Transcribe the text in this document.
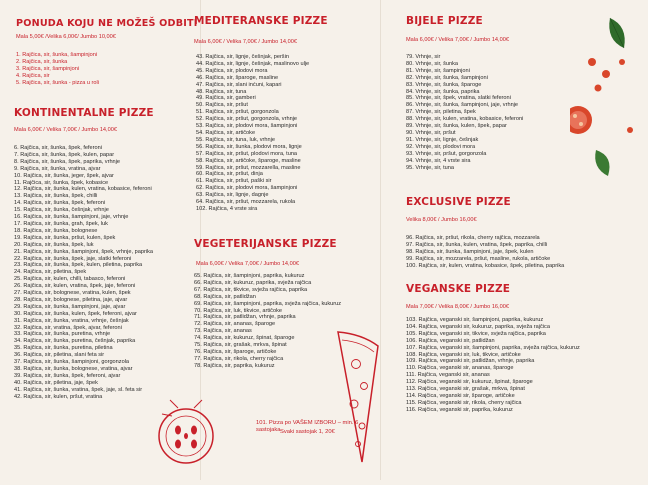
PONUDA KOJU NE MOŽEŠ ODBITI
Mala 5,00€ /Velika 6,00€/ Jumbo 10,00€
1. Rajčica, sir, šunka, šampinjoni
2. Rajčica, sir, šunka
3. Rajčica, sir, šampinjoni
4. Rajčica, sir
5. Rajčica, sir, šunka - pizza u roli
KONTINENTALNE PIZZE
Mala 6,00€ / Velika 7,00€ / Jumbo 14,00€
6. Rajčica, sir, šunka, špek, feferoni
7. Rajčica, sir, šunka, špek, kulen, papar
8. Rajčica, sir, šunka, špek, paprika, vrhnje
9. Rajčica, sir, šunka, vratina, ajvar
10. Rajčica, sir, šunka, jeger, špek, ajvar
11. Rajčica, sir, šunka, špek, kobasice
12. Rajčica, sir, šunka, kulen, vratina, kobasice, feferoni
13. Rajčica, sir, šunka, špek, chilli
14. Rajčica, sir, šunka, špek, feferoni
15. Rajčica, sir, šunka, češnjak, vrhnje
16. Rajčica, sir, šunka, šampinjoni, jaje, vrhnje
17. Rajčica, sir, šunka, grah, špek, luk
18. Rajčica, sir, šunka, bolognese
19. Rajčica, sir, šunka, pršut, kulen, špek
20. Rajčica, sir, šunka, špek, luk
21. Rajčica, sir, šunka, šampinjoni, špek, vrhnje, paprika
22. Rajčica, sir, šunka, špek, jaje, slatki feferoni
23. Rajčica, sir, šunka, špek, kulen, piletina, paprika
24. Rajčica, sir, piletina, špek
25. Rajčica, sir, kulen, chilli, tabasco, feferoni
26. Rajčica, sir, kulen, vratina, špek, jaje, feferoni
27. Rajčica, sir, bolognese, vratina, kulen, špek
28. Rajčica, sir, bolognese, piletina, jaje, ajvar
29. Rajčica, sir, šunka, šampinjoni, jaje, ajvar
30. Rajčica, sir, šunka, kulen, špek, feferoni, ajvar
31. Rajčica, sir, šunka, vratina, vrhnje, češnjak
32. Rajčica, sir, vratina, špek, ajvar, feferoni
33. Rajčica, sir, šunka, puretina, vrhnje
34. Rajčica, sir, šunka, puretina, češnjak, paprika
35. Rajčica, sir, šunka, puretina, piletina
36. Rajčica, sir, piletina, slani feta sir
37. Rajčica, sir, šunka, šampinjoni, gorgonzola
38. Rajčica, sir, šunka, bolognese, vratina, ajvar
39. Rajčica, sir, šunka, špek, feferoni, ajvar
40. Rajčica, sir, piletina, jaje, špek
41. Rajčica, sir, šunka, vratina, špek, jaje, sl. feta sir
42. Rajčica, sir, kulen, pršut, vratina
MEDITERANSKE PIZZE
Mala 6,00€ / Velika 7,00€ / Jumbo 14,00€
43. Rajčica, sir, lignje, češnjak, peršin
44. Rajčica, sir, lignje, češnjak, maslinovo ulje
45. Rajčica, sir, plodovi mora
46. Rajčica, sir, šparoge, masline
47. Rajčica, sir, slani inćuni, kapari
48. Rajčica, sir, tuna
49. Rajčica, sir, gamberi
50. Rajčica, sir, pršut
51. Rajčica, sir, pršut, gorgonzola
52. Rajčica, sir, pršut, gorgonzola, vrhnje
53. Rajčica, sir, plodovi mora, šampinjoni
54. Rajčica, sir, artičoke
55. Rajčica, sir, tuna, luk, vrhnje
56. Rajčica, sir, šunka, plodovi mora, lignje
57. Rajčica, sir, pršut, plodovi mora, tuna
58. Rajčica, sir, artičoke, šparoge, masline
59. Rajčica, sir, pršut, mozzarella, masline
60. Rajčica, sir, pršut, dinja
61. Rajčica, sir, pršut, paški sir
62. Rajčica, sir, plodovi mora, šampinjoni
63. Rajčica, sir, lignje, dagnje
64. Rajčica, sir, pršut, mozzarela, rukola
102. Rajčica, 4 vrste sira
VEGETERIJANSKE PIZZE
Mala 6,00€ / Velika 7,00€ / Jumbo 14,00€
65. Rajčica, sir, šampinjoni, paprika, kukuruz
66. Rajčica, sir, kukuruz, paprika, svježa rajčica
67. Rajčica, sir, tikvice, svježa rajčica, paprika
68. Rajčica, sir, patlidžan
69. Rajčica, sir, šampinjoni, paprika, svježa rajčica, kukuruz
70. Rajčica, sir, luk, tikvice, artičoke
71. Rajčica, sir, patlidžan, vrhnje, paprika
72. Rajčica, sir, ananas, šparoge
73. Rajčica, sir, ananas
74. Rajčica, sir, kukuruz, špinat, šparoge
75. Rajčica, sir, grašak, mrkva, špinat
76. Rajčica, sir, šparoge, artičoke
77. Rajčica, sir, rikola, cherry rajčica
78. Rajčica, sir, paprika, kukuruz
101. Pizza po VAŠEM IZBORU – min. 6 sastojaka Svaki sastojak 1, 20€
BIJELE PIZZE
Mala 6,00€ / Velika 7,00€ / Jumbo 14,00€
79. Vrhnje, sir
80. Vrhnje, sir, šunka
81. Vrhnje, sir, šampinjoni
82. Vrhnje, sir, šunka, šampinjoni
83. Vrhnje, sir, šunka, šparoge
84. Vrhnje, sir, šunka, paprika
85. Vrhnje, sir, špek, vratina, slatki feferoni
86. Vrhnje, sir, šunka, šampinjoni, jaje, vrhnje
87. Vrhnje, sir, piletina, špek
88. Vrhnje, sir, kulen, vratina, kobasice, feferoni
89. Vrhnje, sir, šunka, kulen, špek, papar
90. Vrhnje, sir, pršut
91. Vrhnje, sir, lignje, češnjak
92. Vrhnje, sir, plodovi mora
93. Vrhnje, sir, pršut, gorgonzola
94. Vrhnje, sir, 4 vrste sira
95. Vrhnje, sir, tuna
EXCLUSIVE PIZZE
Velika 8,00€ / Jumbo 16,00€
96. Rajčica, sir, pršut, rikola, cherry rajčica, mozzarela
97. Rajčica, sir, šunka, kulen, vratina, špek, paprika, chilli
98. Rajčica, sir, šunka, šampinjoni, jaje, špek, kulen
99. Rajčica, sir, mozzarela, pršut, masline, rukola, artičoke
100. Rajčica, sir, kulen, vratina, kobasice, špek, piletina, paprika
VEGANSKE PIZZE
Mala 7,00€ / Velika 8,00€ / Jumbo 16,00€
103. Rajčica, veganski sir, šampinjoni, paprika, kukuruz
104. Rajčica, veganski sir, kukuruz, paprika, svježa rajčica
105. Rajčica, veganski sir, tikvice, svježa rajčica, paprika
106. Rajčica, veganski sir, patlidžan
107. Rajčica, veganski sir, šampinjoni, paprika, svježa rajčica, kukuruz
108. Rajčica, veganski sir, luk, tikvice, artičoke
109. Rajčica, veganski sir, patlidžan, vrhnje, paprika
110. Rajčica, veganski sir, ananas, šparoge
111. Rajčica, veganski sir, ananas
112. Rajčica, veganski sir, kukuruz, špinat, šparoge
113. Rajčica, veganski sir, grašak, mrkva, špinat
114. Rajčica, veganski sir, šparoge, artičoke
115. Rajčica, veganski sir, rikola, cherry rajčica
116. Rajčica, veganski sir, paprika, kukuruz
